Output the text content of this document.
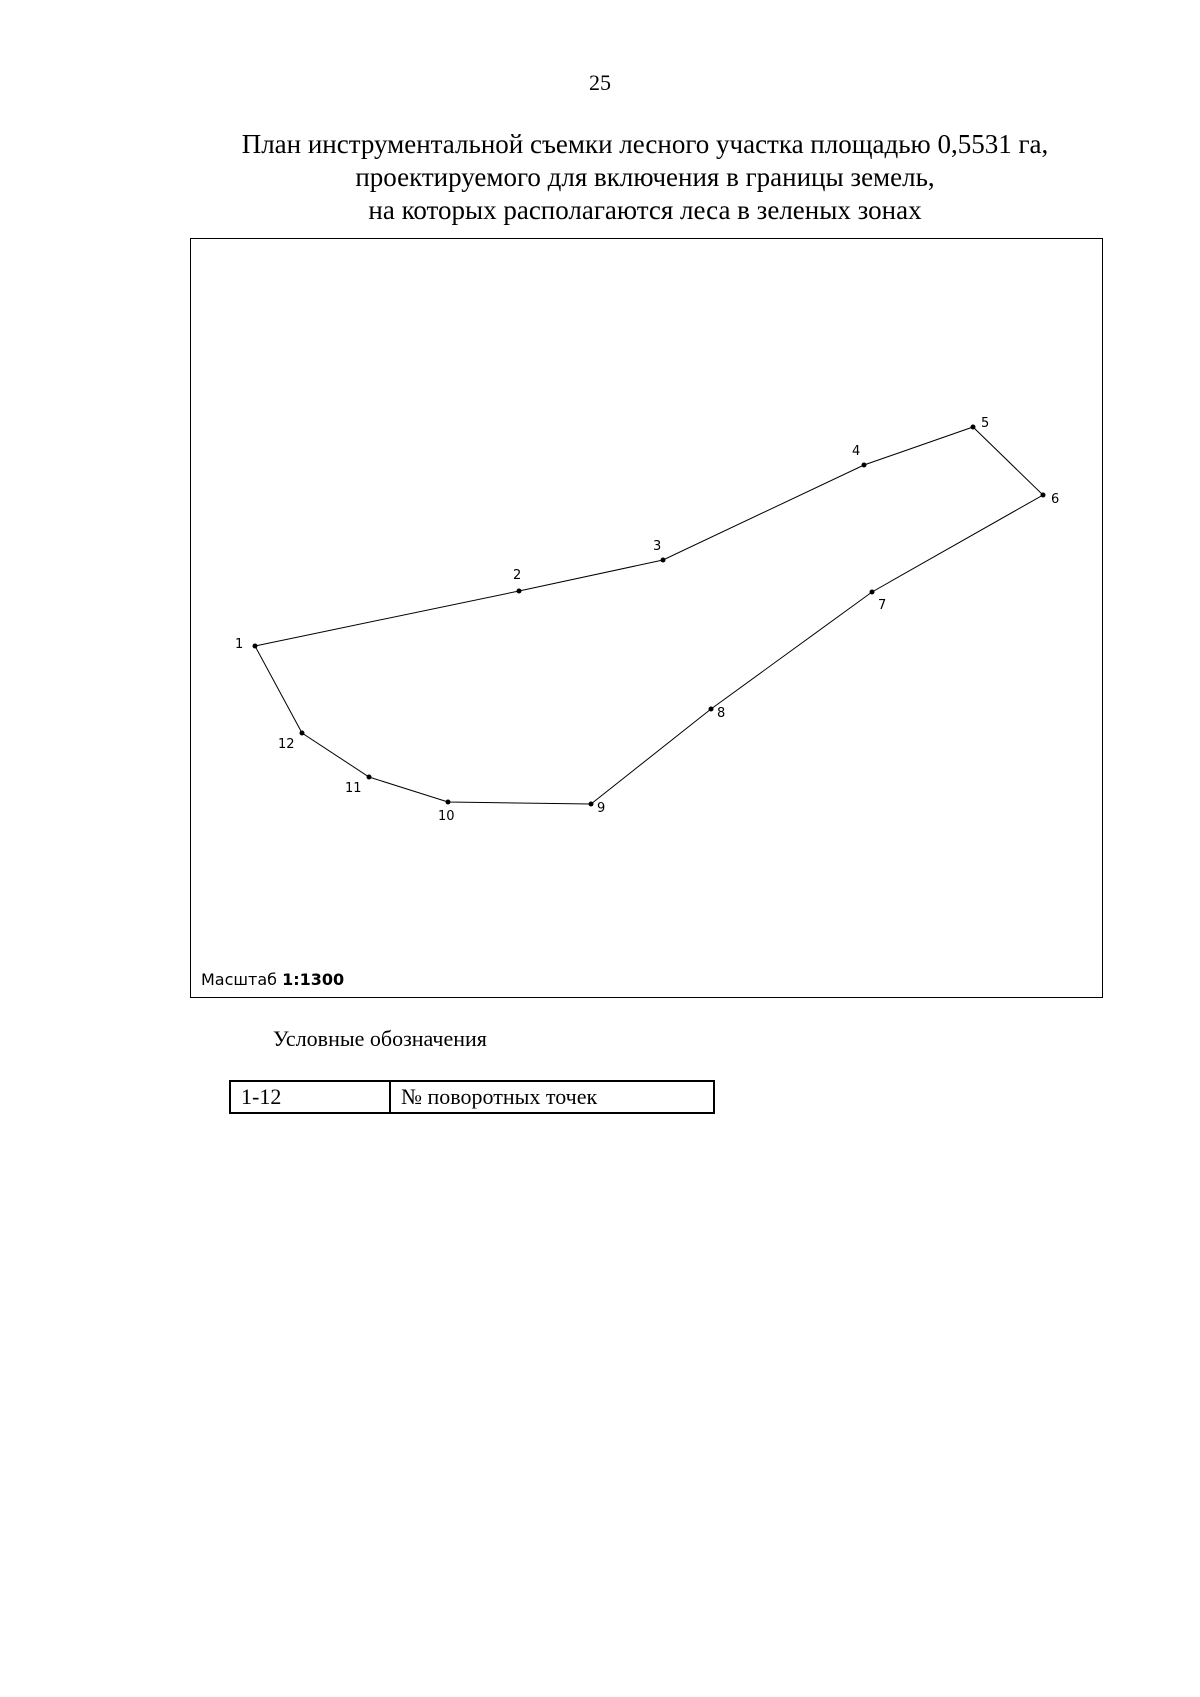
25
План инструментальной съемки лесного участка площадью 0,5531 га,
проектируемого для включения в границы земель,
на которых располагаются леса в зеленых зонах
1
2
3
4
5
6
7
8
9
10
11
12
Масштаб 1:1300
Условные обозначения
1-12	№ поворотных точек
